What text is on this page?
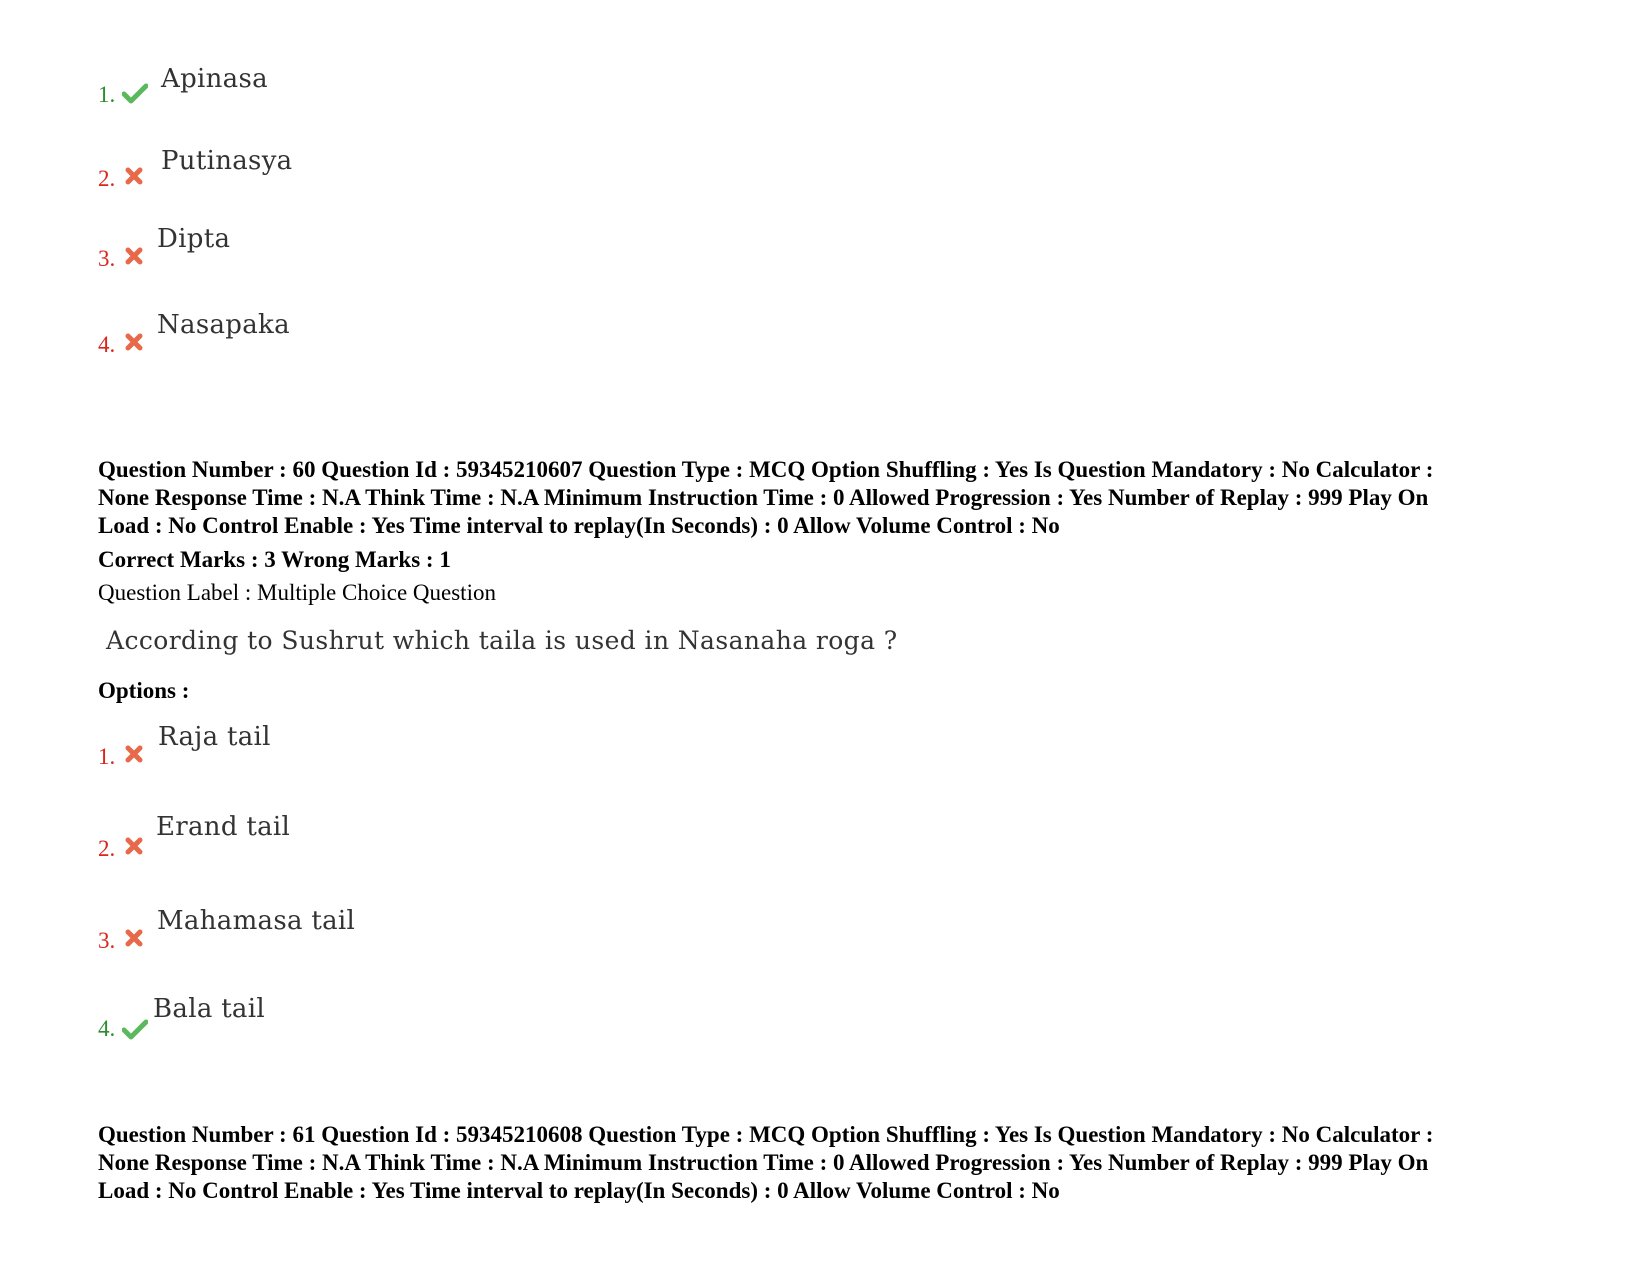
1.
Apinasa
2.
Putinasya
3.
Dipta
4.
Nasapaka
Question Number : 60 Question Id : 59345210607 Question Type : MCQ Option Shuffling : Yes Is Question Mandatory : No Calculator :
None Response Time : N.A Think Time : N.A Minimum Instruction Time : 0 Allowed Progression : Yes Number of Replay : 999 Play On
Load : No Control Enable : Yes Time interval to replay(In Seconds) : 0 Allow Volume Control : No
Correct Marks : 3 Wrong Marks : 1
Question Label : Multiple Choice Question
According to Sushrut which taila is used in Nasanaha roga ?
Options :
1.
Raja tail
2.
Erand tail
3.
Mahamasa tail
4.
Bala tail
Question Number : 61 Question Id : 59345210608 Question Type : MCQ Option Shuffling : Yes Is Question Mandatory : No Calculator :
None Response Time : N.A Think Time : N.A Minimum Instruction Time : 0 Allowed Progression : Yes Number of Replay : 999 Play On
Load : No Control Enable : Yes Time interval to replay(In Seconds) : 0 Allow Volume Control : No
